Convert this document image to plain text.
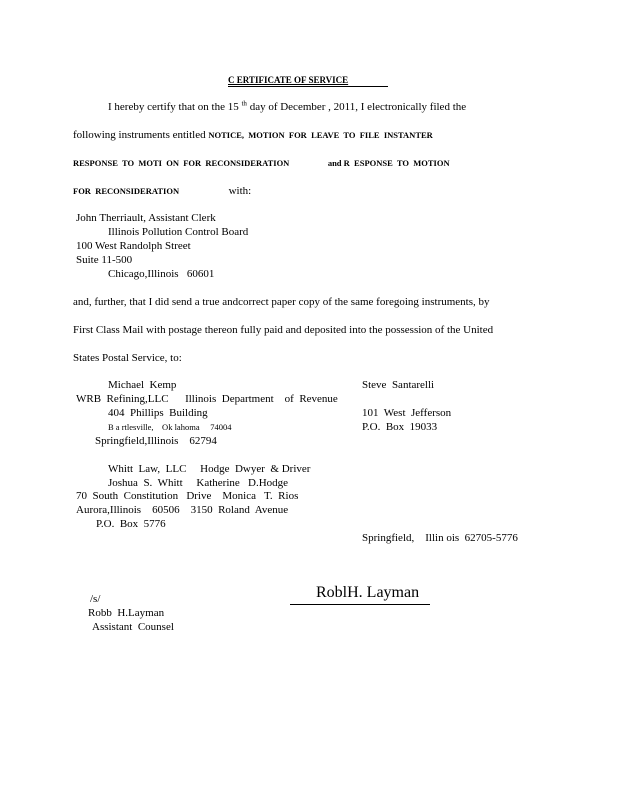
C ERTIFICATE OF SERVICE
I hereby certify that on the 15 $^{th}$ day of December , 2011, I electronically filed the
following instruments entitled NOTICE,  MOTION  FOR  LEAVE  TO  FILE  INSTANTER
RESPONSE  TO  MOTI  ON  FOR  RECONSIDERATION	and R  ESPONSE  TO  MOTION
FOR  RECONSIDERATION	with:
John Therriault, Assistant Clerk
Illinois Pollution Control Board
100 West Randolph Street
Suite 11-500
Chicago,Illinois   60601
and, further, that I did send a true andcorrect paper copy of the same foregoing instruments, by
First Class Mail with postage thereon fully paid and deposited into the possession of the United
States Postal Service, to:
Michael  Kemp	Steve  Santarelli
WRB  Refining,LLC      Illinois  Department    of  Revenue
404  Phillips  Building	101  West  Jefferson
B a rtlesville,    Ok lahoma     74004	P.O.  Box  19033
Springfield,Illinois    62794
Whitt  Law,  LLC     Hodge  Dwyer  & Driver
Joshua  S.  Whitt     Katherine   D.Hodge
70  South  Constitution   Drive    Monica   T.  Rios
Aurora,Illinois    60506    3150  Roland  Avenue
P.O.  Box  5776
Springfield,    Illin ois  62705-5776
/s/	RoblH. Layman
Robb  H.Layman
Assistant  Counsel
